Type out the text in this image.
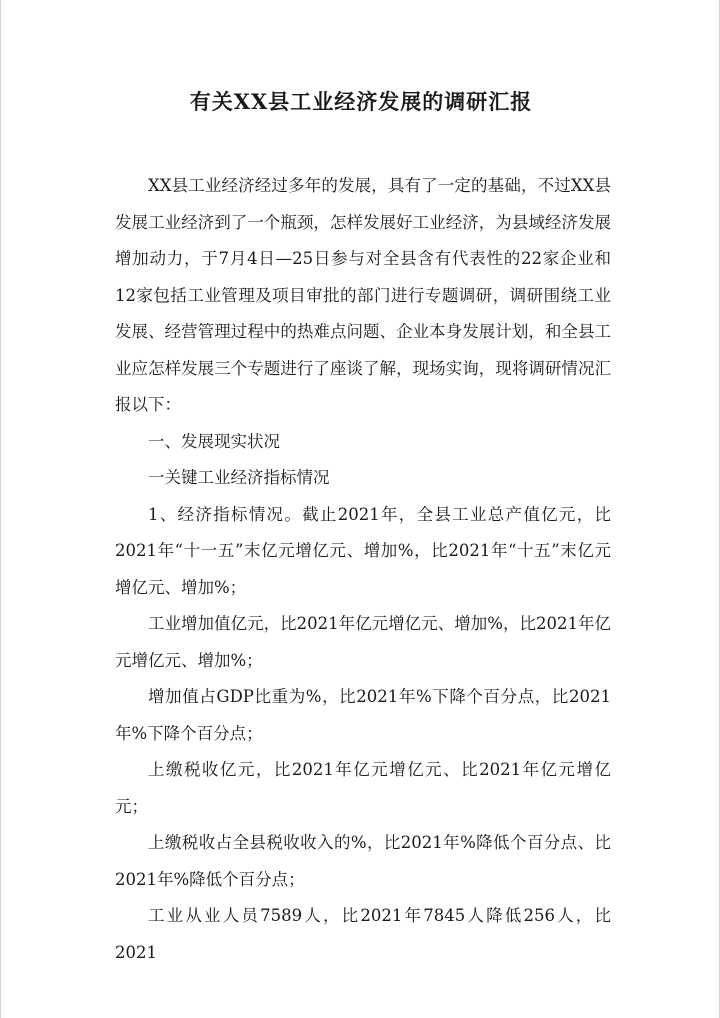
有关XX县工业经济发展的调研汇报

XX县工业经济经过多年的发展，具有了一定的基础，不过XX县发展工业经济到了一个瓶颈，怎样发展好工业经济，为县域经济发展增加动力，于7月4日—25日参与对全县含有代表性的22家企业和12家包括工业管理及项目审批的部门进行专题调研，调研围绕工业发展、经营管理过程中的热难点问题、企业本身发展计划，和全县工业应怎样发展三个专题进行了座谈了解，现场实询，现将调研情况汇报以下：

一、发展现实状况

一关键工业经济指标情况

1、经济指标情况。截止2021年，全县工业总产值亿元，比2021年“十一五”末亿元增亿元、增加%，比2021年“十五”末亿元增亿元、增加%；

工业增加值亿元，比2021年亿元增亿元、增加%，比2021年亿元增亿元、增加%；

增加值占GDP比重为%，比2021年%下降个百分点，比2021年%下降个百分点；

上缴税收亿元，比2021年亿元增亿元、比2021年亿元增亿元；

上缴税收占全县税收收入的%，比2021年%降低个百分点、比2021年%降低个百分点；

工业从业人员7589人，比2021年7845人降低256人，比2021
